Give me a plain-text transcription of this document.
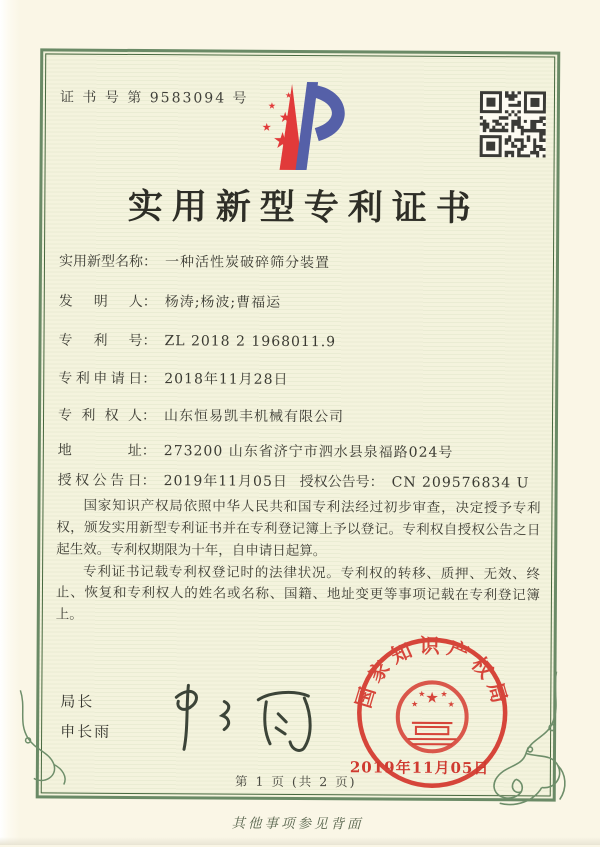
证 书 号 第 9583094 号
★
★
★
★
★
实用新型专利证书
实用新型名称 ： 一种活性炭破碎筛分装置
发明人 ： 杨涛;杨波;曹福运
专利号 ： ZL 2018 2 1968011.9
专利申请日 ： 2018年11月28日
专利权人 ： 山东恒易凯丰机械有限公司
地址 ： 273200 山东省济宁市泗水县泉福路024号
授权公告日 ： 2019年11月05日 授权公告号 ： CN 209576834 U

国家知识产权局依照中华人民共和国专利法经过初步审查，决定授予专利权，颁发实用新型专利证书并在专利登记簿上予以登记。专利权自授权公告之日起生效。专利权期限为十年，自申请日起算。

专利证书记载专利权登记时的法律状况。专利权的转移、质押、无效、终止、恢复和专利权人的姓名或名称、国籍、地址变更等事项记载在专利登记簿上。

局长
申长雨
国家知识产权局
★
★
★ ★
★
2019年11月05日
第 1 页 (共 2 页)
其他事项参见背面
